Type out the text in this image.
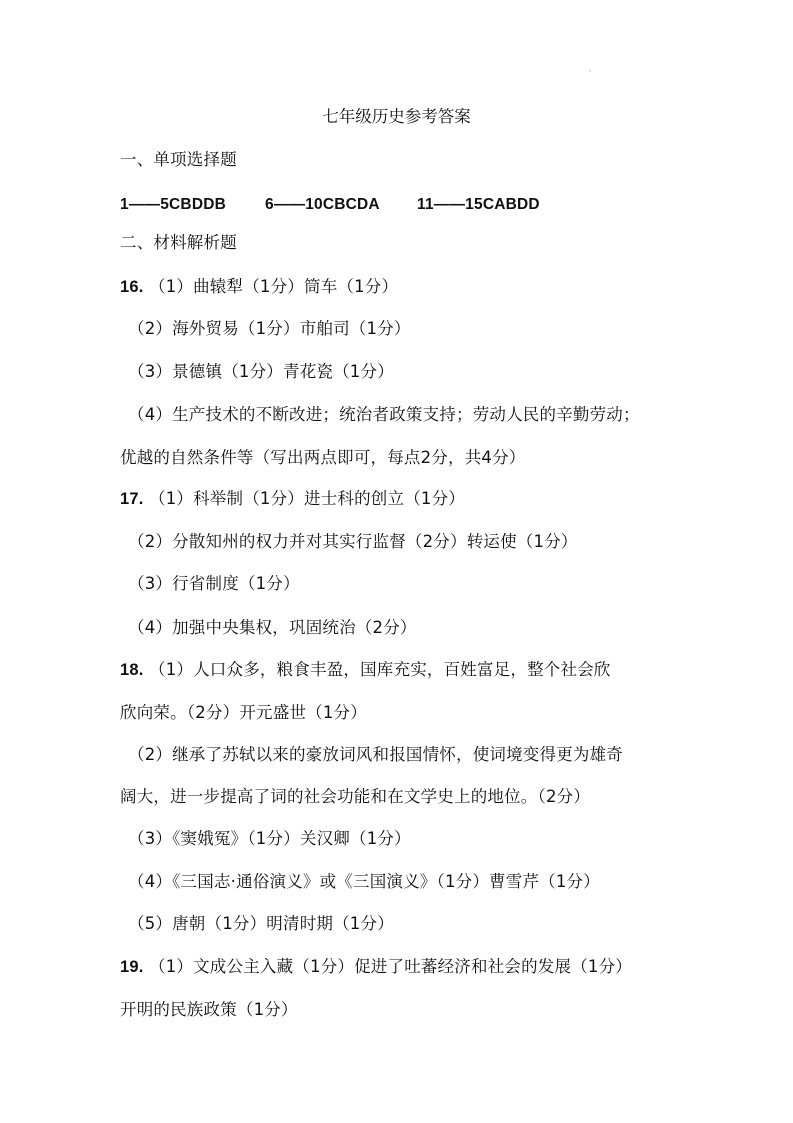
七年级历史参考答案
一、单项选择题
1——5CBDDB	6——10CBCDA 11——15CABDD
二、材料解析题
16. （1）曲辕犁（1分）筒车（1分）
（2）海外贸易（1分）市舶司（1分）
（3）景德镇（1分）青花瓷（1分）
（4）生产技术的不断改进；统治者政策支持；劳动人民的辛勤劳动；
优越的自然条件等（写出两点即可，每点2分，共4分）
17. （1）科举制（1分）进士科的创立（1分）
（2）分散知州的权力并对其实行监督（2分）转运使（1分）
（3）行省制度（1分）
（4）加强中央集权，巩固统治（2分）
18. （1）人口众多，粮食丰盈，国库充实，百姓富足，整个社会欣
欣向荣。（2分）开元盛世（1分）
（2）继承了苏轼以来的豪放词风和报国情怀，使词境变得更为雄奇
阔大，进一步提高了词的社会功能和在文学史上的地位。（2分）
（3）《窦娥冤》（1分）关汉卿（1分）
（4）《三国志·通俗演义》或《三国演义》（1分）曹雪芹（1分）
（5）唐朝（1分）明清时期（1分）
19. （1）文成公主入藏（1分）促进了吐蕃经济和社会的发展（1分）
开明的民族政策（1分）
